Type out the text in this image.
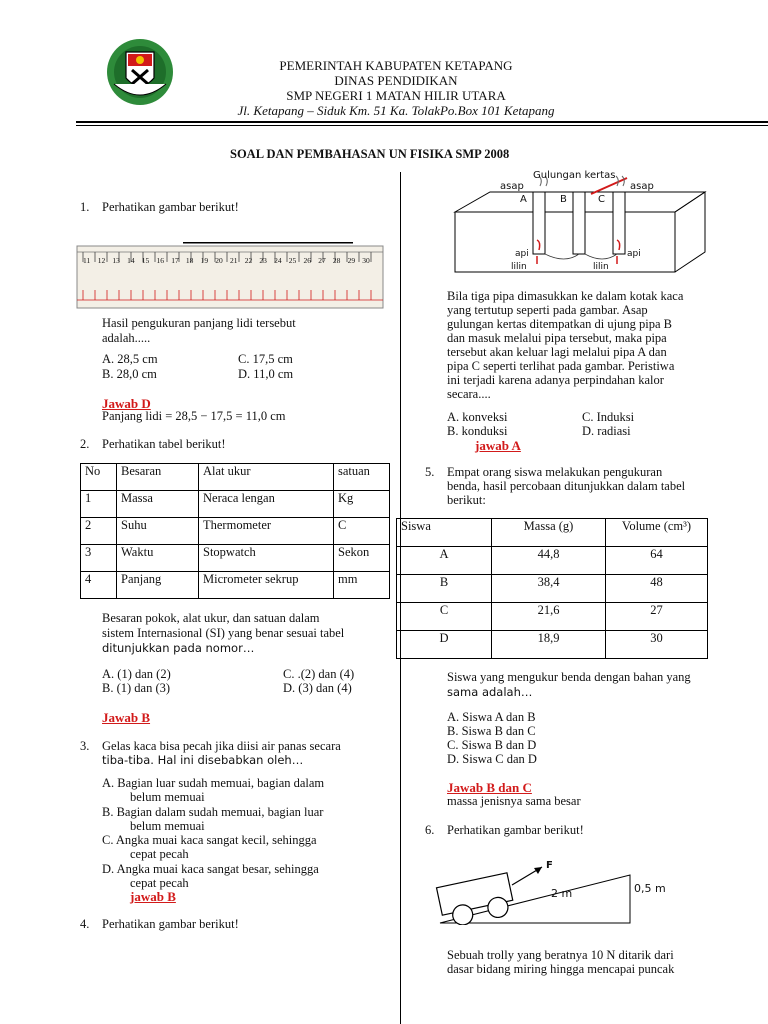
PEMERINTAH KABUPATEN KETAPANG
DINAS PENDIDIKAN
SMP NEGERI 1 MATAN HILIR UTARA
Jl. Ketapang – Siduk Km. 51 Ka. TolakPo.Box 101 Ketapang
SOAL DAN PEMBAHASAN UN FISIKA SMP 2008
1. Perhatikan gambar berikut!
11 12 13 14 15 16 17 18 19 20 21 22 23 24 25 26 27 28 29 30
Hasil pengukuran panjang lidi tersebut
adalah.....
A. 28,5 cm	C. 17,5 cm
B. 28,0 cm	D. 11,0 cm
Jawab D
Panjang lidi = 28,5 − 17,5 = 11,0 cm
2. Perhatikan tabel berikut!
No	Besaran	Alat ukur	satuan
1	Massa	Neraca lengan	Kg
2	Suhu	Thermometer	C
3	Waktu	Stopwatch	Sekon
4	Panjang	Micrometer sekrup	mm
Besaran pokok, alat ukur, dan satuan dalam
sistem Internasional (SI) yang benar sesuai tabel
ditunjukkan pada nomor…
A. (1) dan (2)	C. .(2) dan (4)
B. (1) dan (3)	D. (3) dan (4)
Jawab B
3. Gelas kaca bisa pecah jika diisi air panas secara
tiba-tiba. Hal ini disebabkan oleh…
A. Bagian luar sudah memuai, bagian dalam
belum memuai
B. Bagian dalam sudah memuai, bagian luar
belum memuai
C. Angka muai kaca sangat kecil, sehingga
cepat pecah
D. Angka muai kaca sangat besar, sehingga
cepat pecah
jawab B
4. Perhatikan gambar berikut!
Gulungan kertas
asap	asap
A	B	C
api	api
lilin	lilin
Bila tiga pipa dimasukkan ke dalam kotak kaca
yang tertutup seperti pada gambar. Asap
gulungan kertas ditempatkan di ujung pipa B
dan masuk melalui pipa tersebut, maka pipa
tersebut akan keluar lagi melalui pipa A dan
pipa C seperti terlihat pada gambar. Peristiwa
ini terjadi karena adanya perpindahan kalor
secara....
A. konveksi	C. Induksi
B. konduksi	D. radiasi
jawab A
5. Empat orang siswa melakukan pengukuran
benda, hasil percobaan ditunjukkan dalam tabel
berikut:
Siswa	Massa (g)	Volume (cm³)
A	44,8	64
B	38,4	48
C	21,6	27
D	18,9	30
Siswa yang mengukur benda dengan bahan yang
sama adalah…
A. Siswa A dan B
B. Siswa B dan C
C. Siswa B dan D
D. Siswa C dan D
Jawab B dan C
massa jenisnya sama besar
6. Perhatikan gambar berikut!
F
2 m	0,5 m
Sebuah trolly yang beratnya 10 N ditarik dari
dasar bidang miring hingga mencapai puncak
